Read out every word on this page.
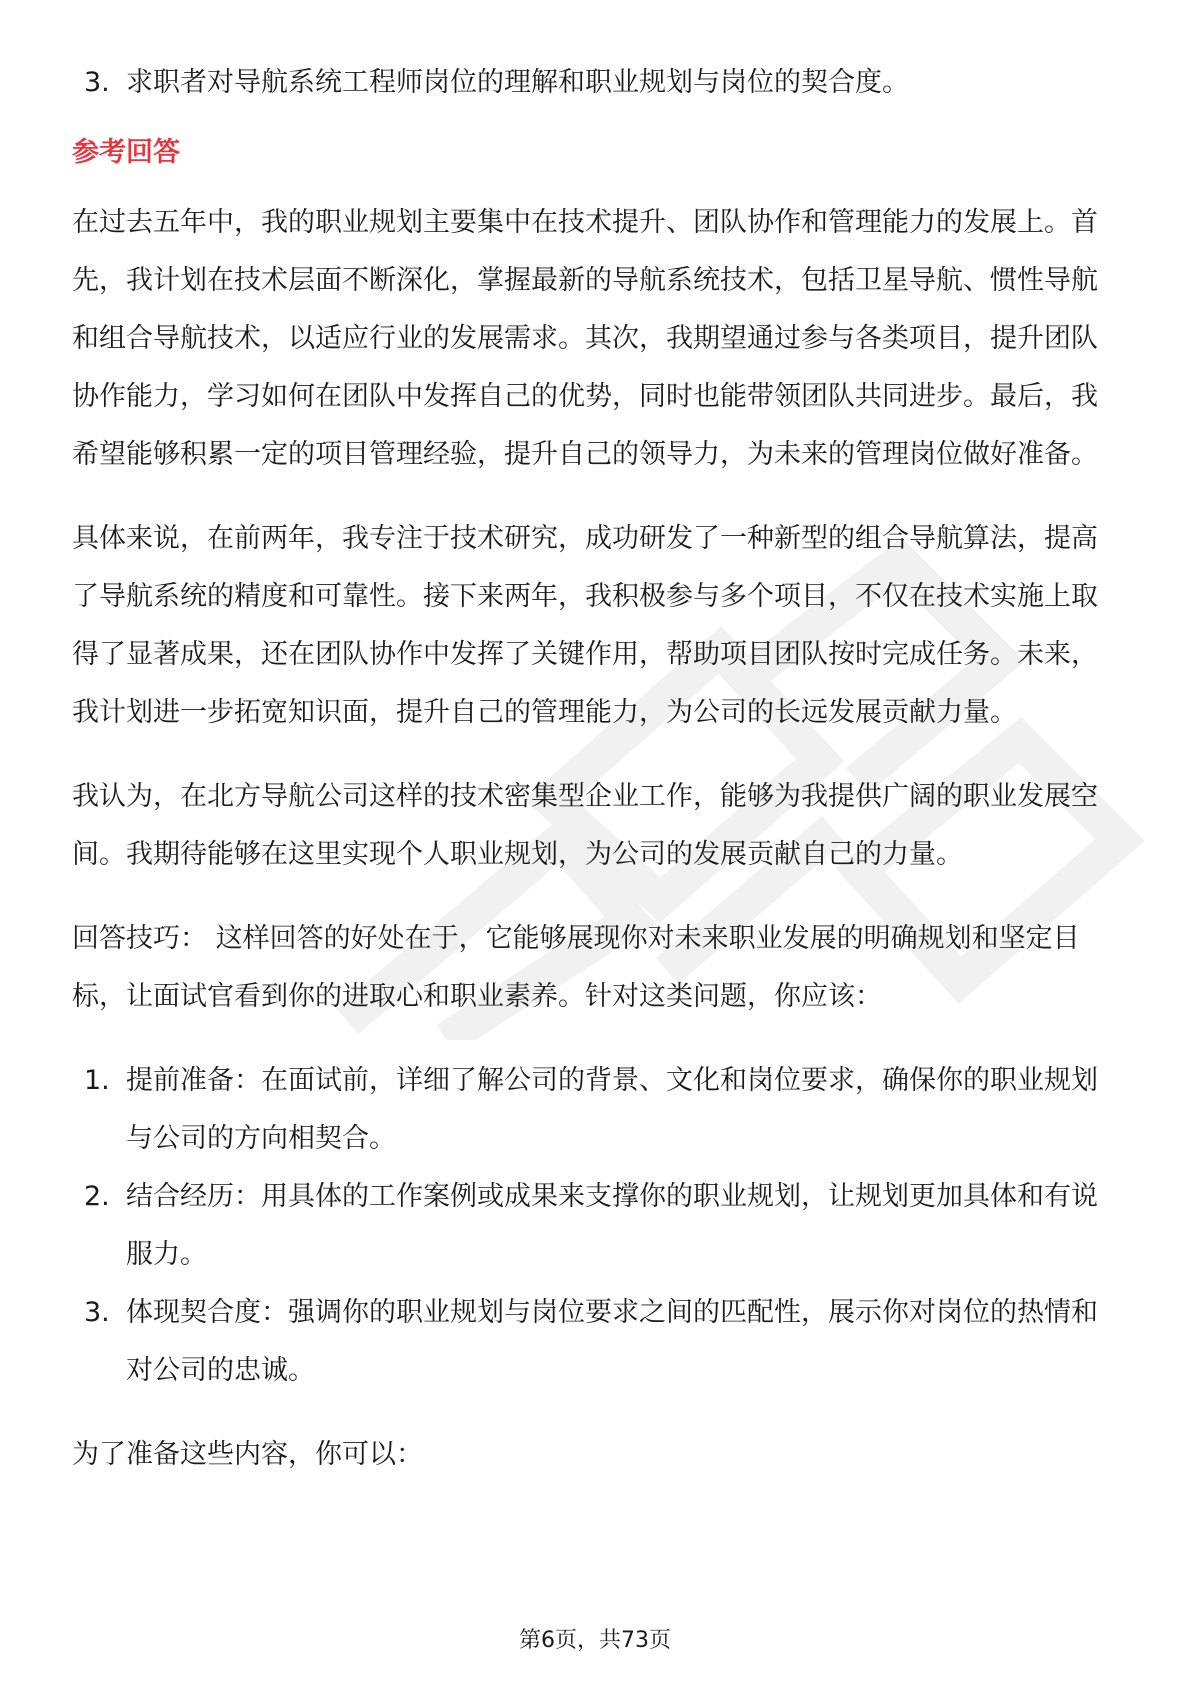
3. 求职者对导航系统工程师岗位的理解和职业规划与岗位的契合度。
参考回答

在过去五年中，我的职业规划主要集中在技术提升、团队协作和管理能力的发展上。首先，我计划在技术层面不断深化，掌握最新的导航系统技术，包括卫星导航、惯性导航和组合导航技术，以适应行业的发展需求。其次，我期望通过参与各类项目，提升团队协作能力，学习如何在团队中发挥自己的优势，同时也能带领团队共同进步。最后，我希望能够积累一定的项目管理经验，提升自己的领导力，为未来的管理岗位做好准备。

具体来说，在前两年，我专注于技术研究，成功研发了一种新型的组合导航算法，提高了导航系统的精度和可靠性。接下来两年，我积极参与多个项目，不仅在技术实施上取得了显著成果，还在团队协作中发挥了关键作用，帮助项目团队按时完成任务。未来，我计划进一步拓宽知识面，提升自己的管理能力，为公司的长远发展贡献力量。

我认为，在北方导航公司这样的技术密集型企业工作，能够为我提供广阔的职业发展空间。我期待能够在这里实现个人职业规划，为公司的发展贡献自己的力量。

回答技巧： 这样回答的好处在于，它能够展现你对未来职业发展的明确规划和坚定目标，让面试官看到你的进取心和职业素养。针对这类问题，你应该：

1. 提前准备：在面试前，详细了解公司的背景、文化和岗位要求，确保你的职业规划与公司的方向相契合。
2. 结合经历：用具体的工作案例或成果来支撑你的职业规划，让规划更加具体和有说服力。
3. 体现契合度：强调你的职业规划与岗位要求之间的匹配性，展示你对岗位的热情和对公司的忠诚。

为了准备这些内容，你可以：

第6页，共73页
